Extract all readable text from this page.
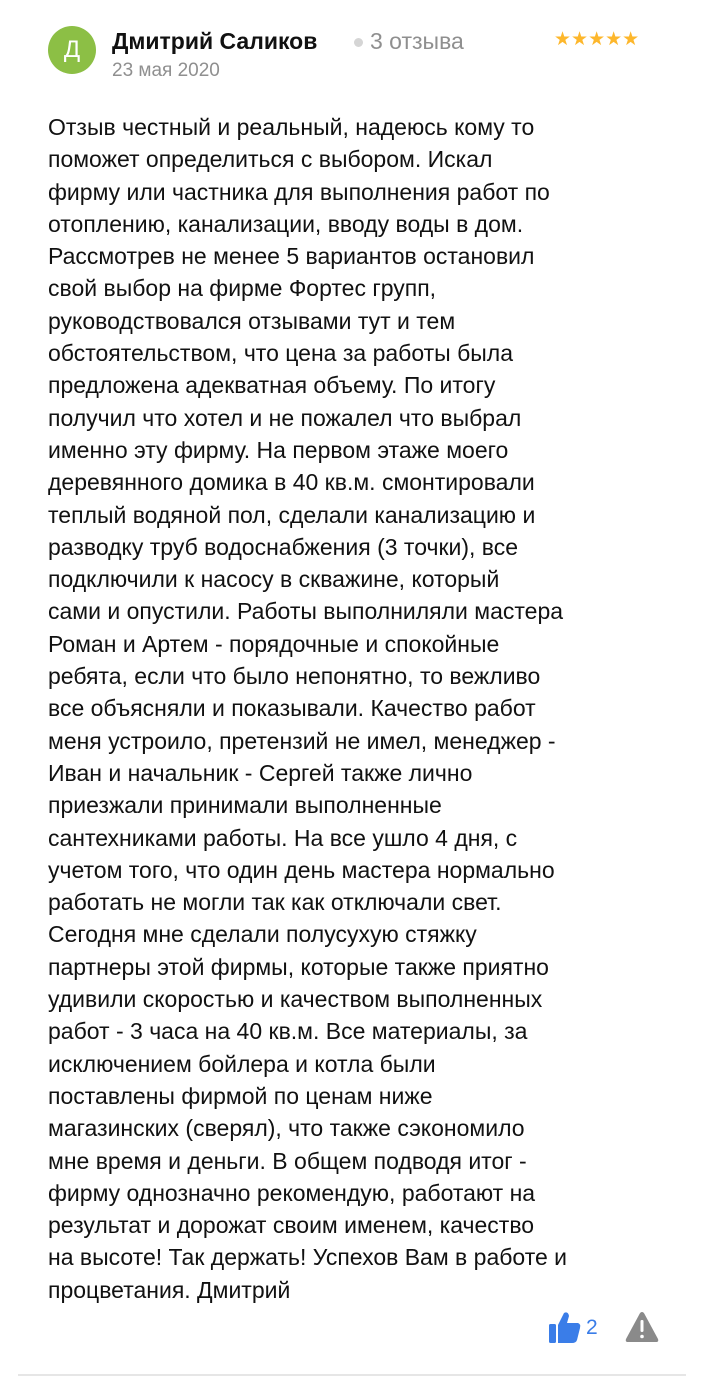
Д	Дмитрий Саликов 3 отзыва	★★★★★
23 мая 2020
Отзыв честный и реальный, надеюсь кому то
поможет определиться с выбором. Искал
фирму или частника для выполнения работ по
отоплению, канализации, вводу воды в дом.
Рассмотрев не менее 5 вариантов остановил
свой выбор на фирме Фортес групп,
руководствовался отзывами тут и тем
обстоятельством, что цена за работы была
предложена адекватная объему. По итогу
получил что хотел и не пожалел что выбрал
именно эту фирму. На первом этаже моего
деревянного домика в 40 кв.м. смонтировали
теплый водяной пол, сделали канализацию и
разводку труб водоснабжения (3 точки), все
подключили к насосу в скважине, который
сами и опустили. Работы выполниляли мастера
Роман и Артем - порядочные и спокойные
ребята, если что было непонятно, то вежливо
все объясняли и показывали. Качество работ
меня устроило, претензий не имел, менеджер -
Иван и начальник - Сергей также лично
приезжали принимали выполненные
сантехниками работы. На все ушло 4 дня, с
учетом того, что один день мастера нормально
работать не могли так как отключали свет.
Сегодня мне сделали полусухую стяжку
партнеры этой фирмы, которые также приятно
удивили скоростью и качеством выполненных
работ - 3 часа на 40 кв.м. Все материалы, за
исключением бойлера и котла были
поставлены фирмой по ценам ниже
магазинских (сверял), что также сэкономило
мне время и деньги. В общем подводя итог -
фирму однозначно рекомендую, работают на
результат и дорожат своим именем, качество
на высоте! Так держать! Успехов Вам в работе и
процветания. Дмитрий
2
